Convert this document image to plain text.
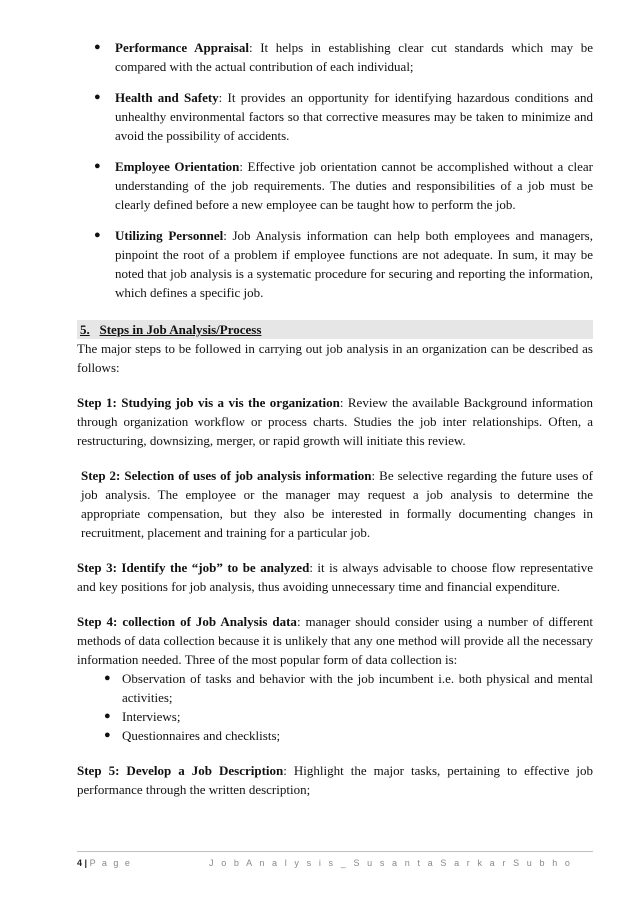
● Performance Appraisal: It helps in establishing clear cut standards which may be compared with the actual contribution of each individual;
● Health and Safety: It provides an opportunity for identifying hazardous conditions and unhealthy environmental factors so that corrective measures may be taken to minimize and avoid the possibility of accidents.
● Employee Orientation: Effective job orientation cannot be accomplished without a clear understanding of the job requirements. The duties and responsibilities of a job must be clearly defined before a new employee can be taught how to perform the job.
● Utilizing Personnel: Job Analysis information can help both employees and managers, pinpoint the root of a problem if employee functions are not adequate. In sum, it may be noted that job analysis is a systematic procedure for securing and reporting the information, which defines a specific job.
5. Steps in Job Analysis/Process

The major steps to be followed in carrying out job analysis in an organization can be described as follows:

Step 1: Studying job vis a vis the organization: Review the available Background information through organization workflow or process charts. Studies the job inter relationships. Often, a restructuring, downsizing, merger, or rapid growth will initiate this review.

Step 2: Selection of uses of job analysis information: Be selective regarding the future uses of job analysis. The employee or the manager may request a job analysis to determine the appropriate compensation, but they also be interested in formally documenting changes in recruitment, placement and training for a particular job.

Step 3: Identify the “job” to be analyzed: it is always advisable to choose flow representative and key positions for job analysis, thus avoiding unnecessary time and financial expenditure.

Step 4: collection of Job Analysis data: manager should consider using a number of different methods of data collection because it is unlikely that any one method will provide all the necessary information needed. Three of the most popular form of data collection is:

● Observation of tasks and behavior with the job incumbent i.e. both physical and mental activities;
● Interviews;
● Questionnaires and checklists;

Step 5: Develop a Job Description: Highlight the major tasks, pertaining to effective job performance through the written description;

4 | P a g e	J o b A n a l y s i s _ S u s a n t a S a r k a r S u b h o
